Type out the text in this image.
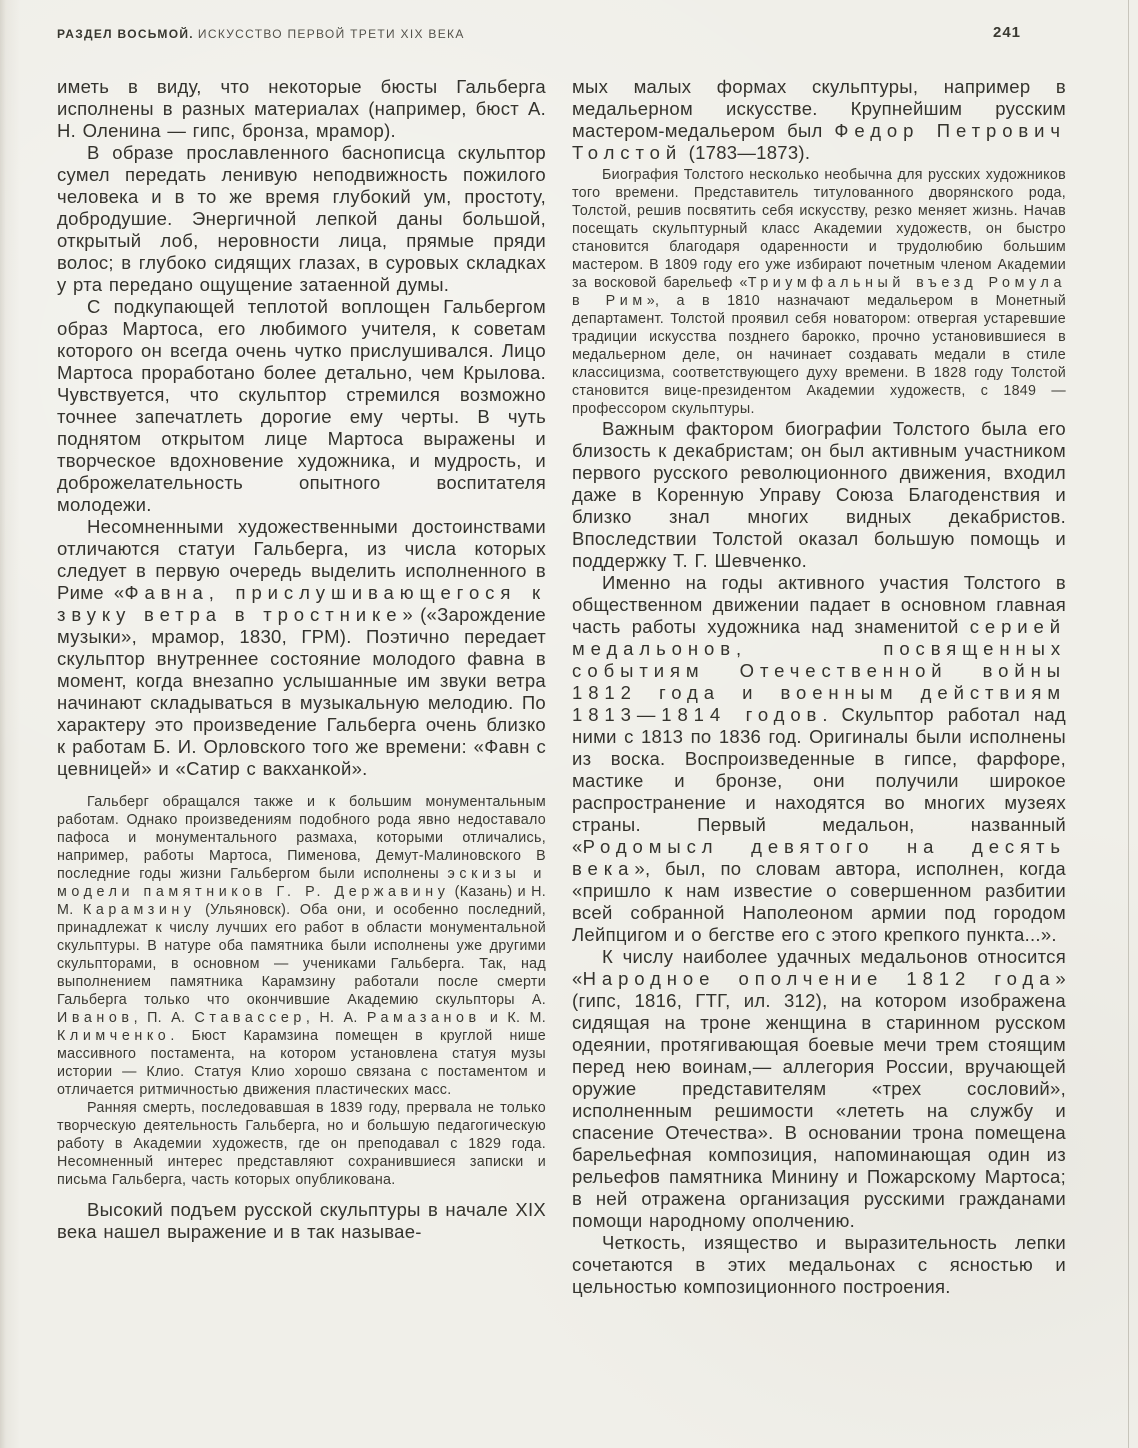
РАЗДЕЛ ВОСЬМОЙ. ИСКУССТВО ПЕРВОЙ ТРЕТИ XIX ВЕКА	241

иметь в виду, что некоторые бюсты Гальберга исполнены в разных материалах (например, бюст А. Н. Оленина — гипс, бронза, мрамор).

В образе прославленного баснописца скульптор сумел передать ленивую неподвижность пожилого человека и в то же время глубокий ум, простоту, добродушие. Энергичной лепкой даны большой, открытый лоб, неровности лица, прямые пряди волос; в глубоко сидящих глазах, в суровых складках у рта передано ощущение затаенной думы.

С подкупающей теплотой воплощен Гальбергом образ Мартоса, его любимого учителя, к советам которого он всегда очень чутко прислушивался. Лицо Мартоса проработано более детально, чем Крылова. Чувствуется, что скульптор стремился возможно точнее запечатлеть дорогие ему черты. В чуть поднятом открытом лице Мартоса выражены и творческое вдохновение художника, и мудрость, и доброжелательность опытного воспитателя молодежи.

Несомненными художественными достоинствами отличаются статуи Гальберга, из числа которых следует в первую очередь выделить исполненного в Риме «Фавна, прислушивающегося к звуку ветра в тростнике» («Зарождение музыки», мрамор, 1830, ГРМ). Поэтично передает скульптор внутреннее состояние молодого фавна в момент, когда внезапно услышанные им звуки ветра начинают складываться в музыкальную мелодию. По характеру это произведение Гальберга очень близко к работам Б. И. Орловского того же времени: «Фавн с цевницей» и «Сатир с вакханкой».

Гальберг обращался также и к большим монументальным работам. Однако произведениям подобного рода явно недоставало пафоса и монументального размаха, которыми отличались, например, работы Мартоса, Пименова, Демут-Малиновского В последние годы жизни Гальбергом были исполнены эскизы и модели памятников Г. Р. Державину (Казань) и Н. М. Карамзину (Ульяновск). Оба они, и особенно последний, принадлежат к числу лучших его работ в области монументальной скульптуры. В натуре оба памятника были исполнены уже другими скульпторами, в основном — учениками Гальберга. Так, над выполнением памятника Карамзину работали после смерти Гальберга только что окончившие Академию скульпторы А. Иванов, П. А. Ставассер, Н. А. Рамазанов и К. М. Климченко. Бюст Карамзина помещен в круглой нише массивного постамента, на котором установлена статуя музы истории — Клио. Статуя Клио хорошо связана с постаментом и отличается ритмичностью движения пластических масс.

Ранняя смерть, последовавшая в 1839 году, прервала не только творческую деятельность Гальберга, но и большую педагогическую работу в Академии художеств, где он преподавал с 1829 года. Несомненный интерес представляют сохранившиеся записки и письма Гальберга, часть которых опубликована.

Высокий подъем русской скульптуры в начале XIX века нашел выражение и в так называе-

мых малых формах скульптуры, например в медальерном искусстве. Крупнейшим русским мастером-медальером был Федор Петрович Толстой (1783—1873).

Биография Толстого несколько необычна для русских художников того времени. Представитель титулованного дворянского рода, Толстой, решив посвятить себя искусству, резко меняет жизнь. Начав посещать скульптурный класс Академии художеств, он быстро становится благодаря одаренности и трудолюбию большим мастером. В 1809 году его уже избирают почетным членом Академии за восковой барельеф «Триумфальный въезд Ромула в Рим», а в 1810 назначают медальером в Монетный департамент. Толстой проявил себя новатором: отвергая устаревшие традиции искусства позднего барокко, прочно установившиеся в медальерном деле, он начинает создавать медали в стиле классицизма, соответствующего духу времени. В 1828 году Толстой становится вице-президентом Академии художеств, с 1849 — профессором скульптуры.

Важным фактором биографии Толстого была его близость к декабристам; он был активным участником первого русского революционного движения, входил даже в Коренную Управу Союза Благоденствия и близко знал многих видных декабристов. Впоследствии Толстой оказал большую помощь и поддержку Т. Г. Шевченко.

Именно на годы активного участия Толстого в общественном движении падает в основном главная часть работы художника над знаменитой серией медальонов, посвященных событиям Отечественной войны 1812 года и военным действиям 1813—1814 годов. Скульптор работал над ними с 1813 по 1836 год. Оригиналы были исполнены из воска. Воспроизведенные в гипсе, фарфоре, мастике и бронзе, они получили широкое распространение и находятся во многих музеях страны. Первый медальон, названный «Родомысл девятого на десять века», был, по словам автора, исполнен, когда «пришло к нам известие о совершенном разбитии всей собранной Наполеоном армии под городом Лейпцигом и о бегстве его с этого крепкого пункта...».

К числу наиболее удачных медальонов относится «Народное ополчение 1812 года» (гипс, 1816, ГТГ, ил. 312), на котором изображена сидящая на троне женщина в старинном русском одеянии, протягивающая боевые мечи трем стоящим перед нею воинам,— аллегория России, вручающей оружие представителям «трех сословий», исполненным решимости «лететь на службу и спасение Отечества». В основании трона помещена барельефная композиция, напоминающая один из рельефов памятника Минину и Пожарскому Мартоса; в ней отражена организация русскими гражданами помощи народному ополчению.

Четкость, изящество и выразительность лепки сочетаются в этих медальонах с ясностью и цельностью композиционного построения.
